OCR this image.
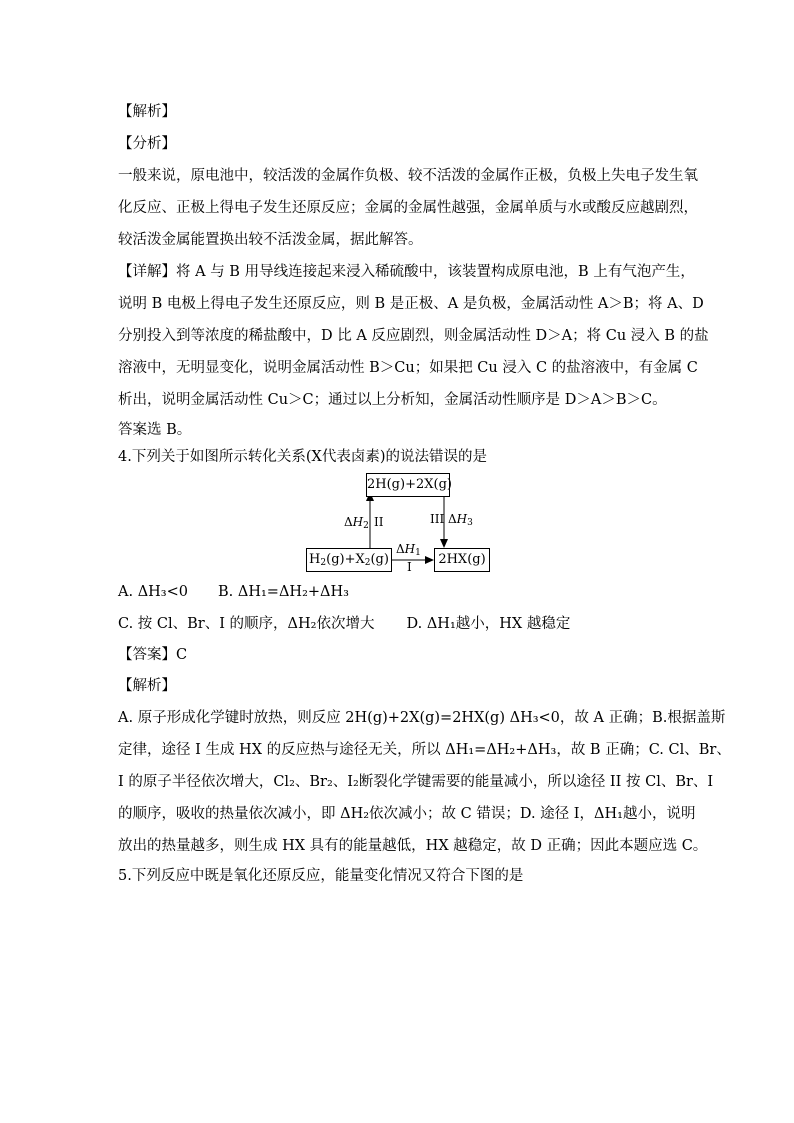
【解析】
【分析】
一般来说，原电池中，较活泼的金属作负极、较不活泼的金属作正极，负极上失电子发生氧
化反应、正极上得电子发生还原反应；金属的金属性越强，金属单质与水或酸反应越剧烈，
较活泼金属能置换出较不活泼金属，据此解答。
【详解】将 A 与 B 用导线连接起来浸入稀硫酸中，该装置构成原电池，B 上有气泡产生，
说明 B 电极上得电子发生还原反应，则 B 是正极、A 是负极，金属活动性 A＞B；将 A、D
分别投入到等浓度的稀盐酸中，D 比 A 反应剧烈，则金属活动性 D＞A；将 Cu 浸入 B 的盐
溶液中，无明显变化，说明金属活动性 B＞Cu；如果把 Cu 浸入 C 的盐溶液中，有金属 C
析出，说明金属活动性 Cu＞C；通过以上分析知，金属活动性顺序是 D＞A＞B＞C。
答案选 B。
4.下列关于如图所示转化关系(X代表卤素)的说法错误的是
2H(g)+2X(g)
$H_2(g)+X_2(g)$	2HX(g)
$\Delta H_2$ II	III $\Delta H_3$
$\Delta H_1$
I
A. ΔH₃<0 B. ΔH₁=ΔH₂+ΔH₃
C. 按 Cl、Br、I 的顺序，ΔH₂依次增大 D. ΔH₁越小，HX 越稳定
【答案】C
【解析】
A. 原子形成化学键时放热，则反应 2H(g)+2X(g)=2HX(g) ΔH₃<0，故 A 正确；B.根据盖斯
定律，途径 I 生成 HX 的反应热与途径无关，所以 ΔH₁=ΔH₂+ΔH₃，故 B 正确；C. Cl、Br、
I 的原子半径依次增大，Cl₂、Br₂、I₂断裂化学键需要的能量减小，所以途径 II 按 Cl、Br、I
的顺序，吸收的热量依次减小，即 ΔH₂依次减小；故 C 错误；D. 途径 I，ΔH₁越小，说明
放出的热量越多，则生成 HX 具有的能量越低，HX 越稳定，故 D 正确；因此本题应选 C。
5.下列反应中既是氧化还原反应，能量变化情况又符合下图的是
